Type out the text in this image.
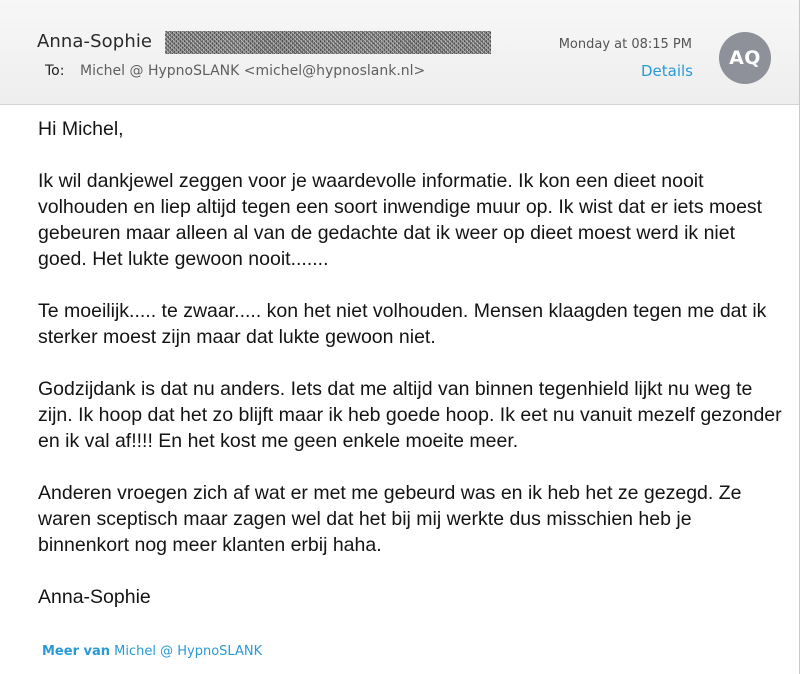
Anna-Sophie
To: Michel @ HypnoSLANK <michel@hypnoslank.nl>
Monday at 08:15 PM
Details
AQ

Hi Michel,

Ik wil dankjewel zeggen voor je waardevolle informatie. Ik kon een dieet nooit volhouden en liep altijd tegen een soort inwendige muur op. Ik wist dat er iets moest gebeuren maar alleen al van de gedachte dat ik weer op dieet moest werd ik niet goed. Het lukte gewoon nooit.......

Te moeilijk..... te zwaar..... kon het niet volhouden. Mensen klaagden tegen me dat ik sterker moest zijn maar dat lukte gewoon niet.

Godzijdank is dat nu anders. Iets dat me altijd van binnen tegenhield lijkt nu weg te zijn. Ik hoop dat het zo blijft maar ik heb goede hoop. Ik eet nu vanuit mezelf gezonder en ik val af!!!! En het kost me geen enkele moeite meer.

Anderen vroegen zich af wat er met me gebeurd was en ik heb het ze gezegd. Ze waren sceptisch maar zagen wel dat het bij mij werkte dus misschien heb je binnenkort nog meer klanten erbij haha.

Anna-Sophie

Meer van Michel @ HypnoSLANK
